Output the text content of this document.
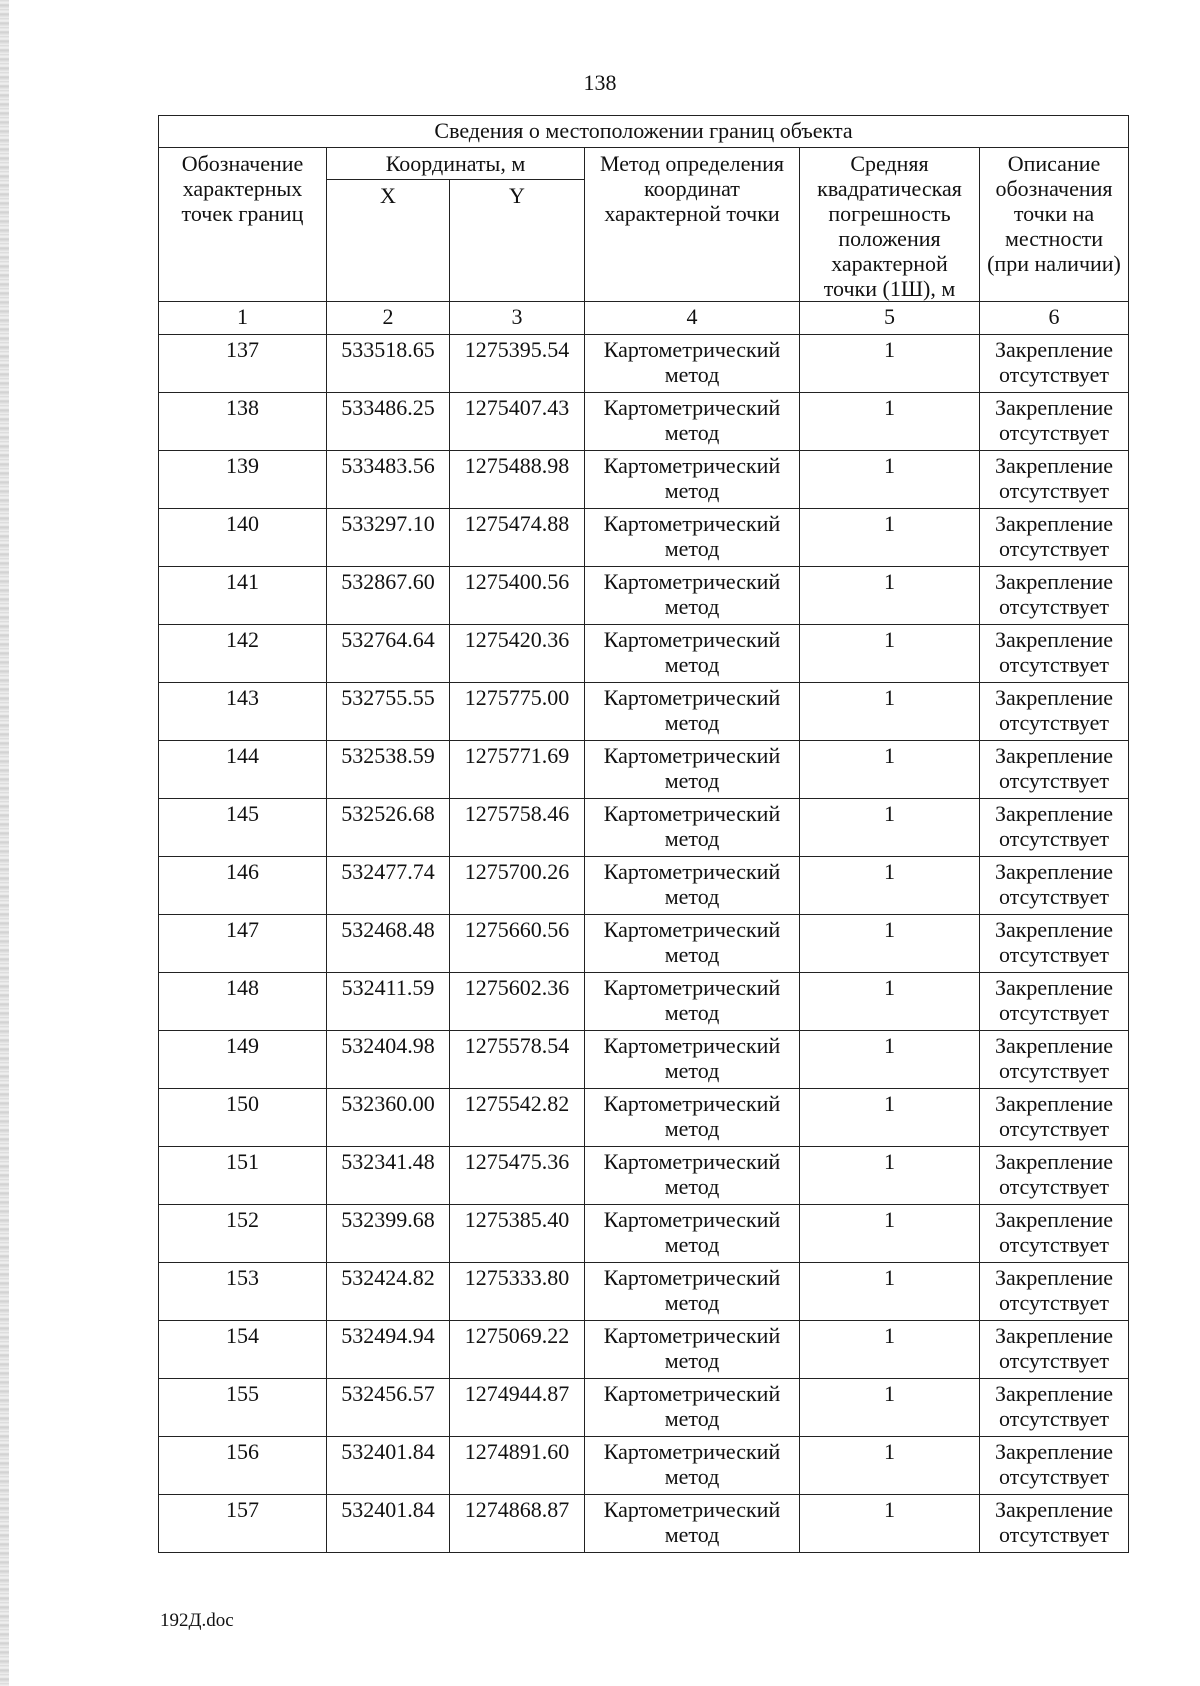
138
Сведения о местоположении границ объекта					
Обозначение характерных точек границ	Координаты, м		Метод определения координат характерной точки	Средняя квадратическая погрешность положения характерной точки (1Ш), м	Описание обозначения точки на местности (при наличии)
	X	Y			
1	2	3	4	5	6
137	533518.65	1275395.54	Картометрический метод	1	Закрепление отсутствует
138	533486.25	1275407.43	Картометрический метод	1	Закрепление отсутствует
139	533483.56	1275488.98	Картометрический метод	1	Закрепление отсутствует
140	533297.10	1275474.88	Картометрический метод	1	Закрепление отсутствует
141	532867.60	1275400.56	Картометрический метод	1	Закрепление отсутствует
142	532764.64	1275420.36	Картометрический метод	1	Закрепление отсутствует
143	532755.55	1275775.00	Картометрический метод	1	Закрепление отсутствует
144	532538.59	1275771.69	Картометрический метод	1	Закрепление отсутствует
145	532526.68	1275758.46	Картометрический метод	1	Закрепление отсутствует
146	532477.74	1275700.26	Картометрический метод	1	Закрепление отсутствует
147	532468.48	1275660.56	Картометрический метод	1	Закрепление отсутствует
148	532411.59	1275602.36	Картометрический метод	1	Закрепление отсутствует
149	532404.98	1275578.54	Картометрический метод	1	Закрепление отсутствует
150	532360.00	1275542.82	Картометрический метод	1	Закрепление отсутствует
151	532341.48	1275475.36	Картометрический метод	1	Закрепление отсутствует
152	532399.68	1275385.40	Картометрический метод	1	Закрепление отсутствует
153	532424.82	1275333.80	Картометрический метод	1	Закрепление отсутствует
154	532494.94	1275069.22	Картометрический метод	1	Закрепление отсутствует
155	532456.57	1274944.87	Картометрический метод	1	Закрепление отсутствует
156	532401.84	1274891.60	Картометрический метод	1	Закрепление отсутствует
157	532401.84	1274868.87	Картометрический метод	1	Закрепление отсутствует
192Д.doc
